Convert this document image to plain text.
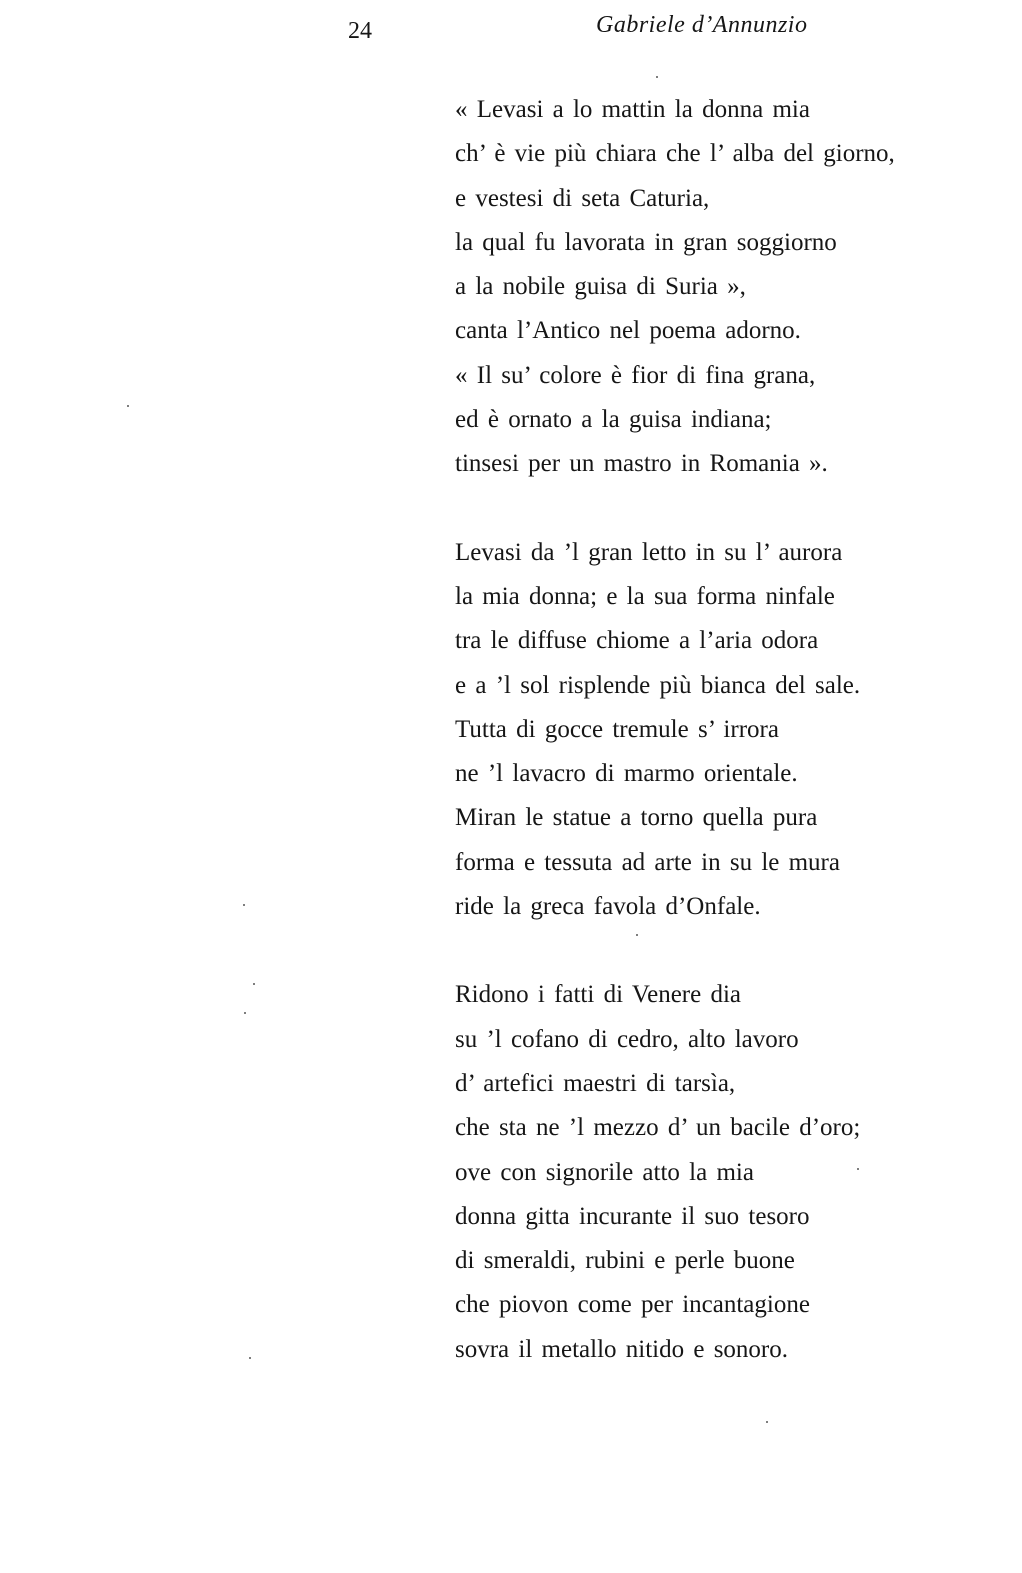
24	Gabriele d’Annunzio

« Levasi a lo mattin la donna mia
ch’ è vie più chiara che l’ alba del giorno,
e vestesi di seta Caturia,
la qual fu lavorata in gran soggiorno
a la nobile guisa di Suria »,
canta l’Antico nel poema adorno.
« Il su’ colore è fior di fina grana,
ed è ornato a la guisa indiana;
tinsesi per un mastro in Romania ».

Levasi da ’l gran letto in su l’ aurora
la mia donna; e la sua forma ninfale
tra le diffuse chiome a l’aria odora
e a ’l sol risplende più bianca del sale.
Tutta di gocce tremule s’ irrora
ne ’l lavacro di marmo orientale.
Miran le statue a torno quella pura
forma e tessuta ad arte in su le mura
ride la greca favola d’Onfale.

Ridono i fatti di Venere dia
su ’l cofano di cedro, alto lavoro
d’ artefici maestri di tarsìa,
che sta ne ’l mezzo d’ un bacile d’oro;
ove con signorile atto la mia
donna gitta incurante il suo tesoro
di smeraldi, rubini e perle buone
che piovon come per incantagione
sovra il metallo nitido e sonoro.
